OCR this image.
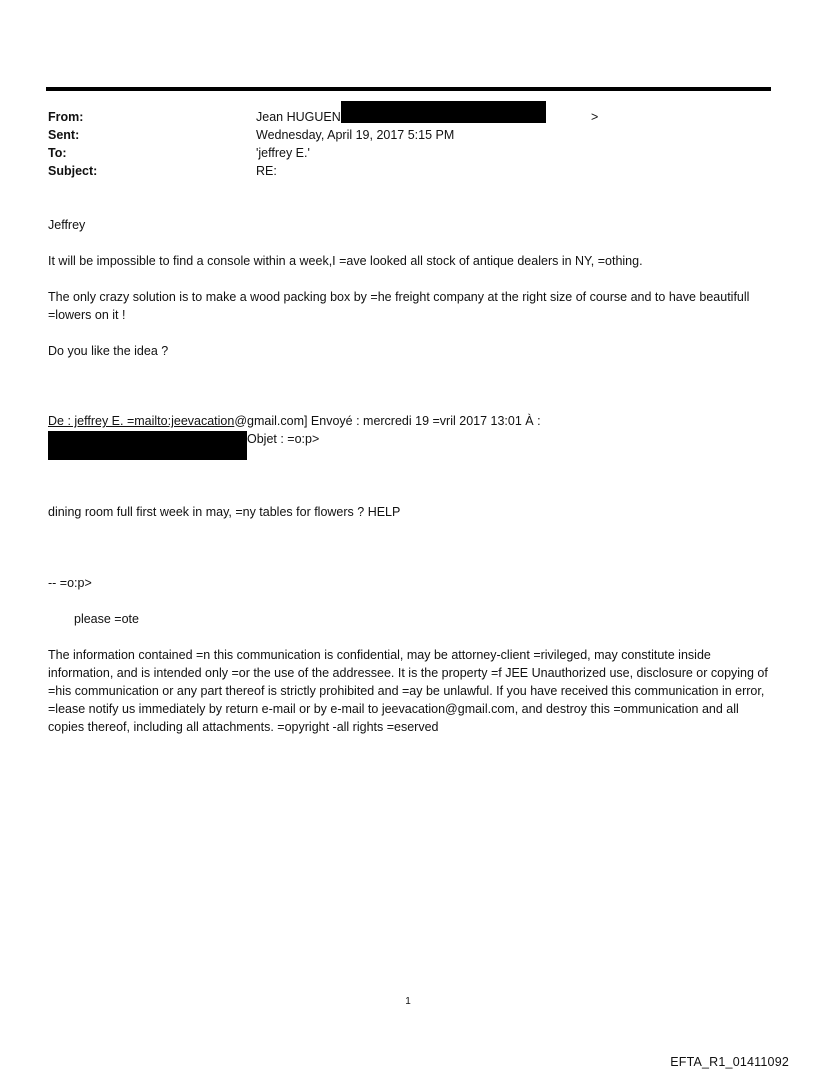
From:	Jean HUGUEN	>
Sent:	Wednesday, April 19, 2017 5:15 PM
To:	'jeffrey E.'
Subject:	RE:
Jeffrey
It will be impossible to find a console within a week,I =ave looked all stock of antique dealers in NY, =othing.
The only crazy solution is to make a wood packing box by =he freight company at the right size of course and to have beautifull =lowers on it !
Do you like the idea ?
De : jeffrey E. =mailto:jeevacation@gmail.com] Envoyé : mercredi 19 =vril 2017 13:01 À :
Objet : =o:p>
dining room full first week in may, =ny tables for flowers ? HELP
-- =o:p>
please =ote
The information contained =n this communication is confidential, may be attorney-client =rivileged, may constitute inside information, and is intended only =or the use of the addressee. It is the property =f JEE Unauthorized use, disclosure or copying of =his communication or any part thereof is strictly prohibited and =ay be unlawful. If you have received this communication in error, =lease notify us immediately by return e-mail or by e-mail to jeevacation@gmail.com, and destroy this =ommunication and all copies thereof, including all attachments. =opyright -all rights =eserved
1
EFTA_R1_01411092
